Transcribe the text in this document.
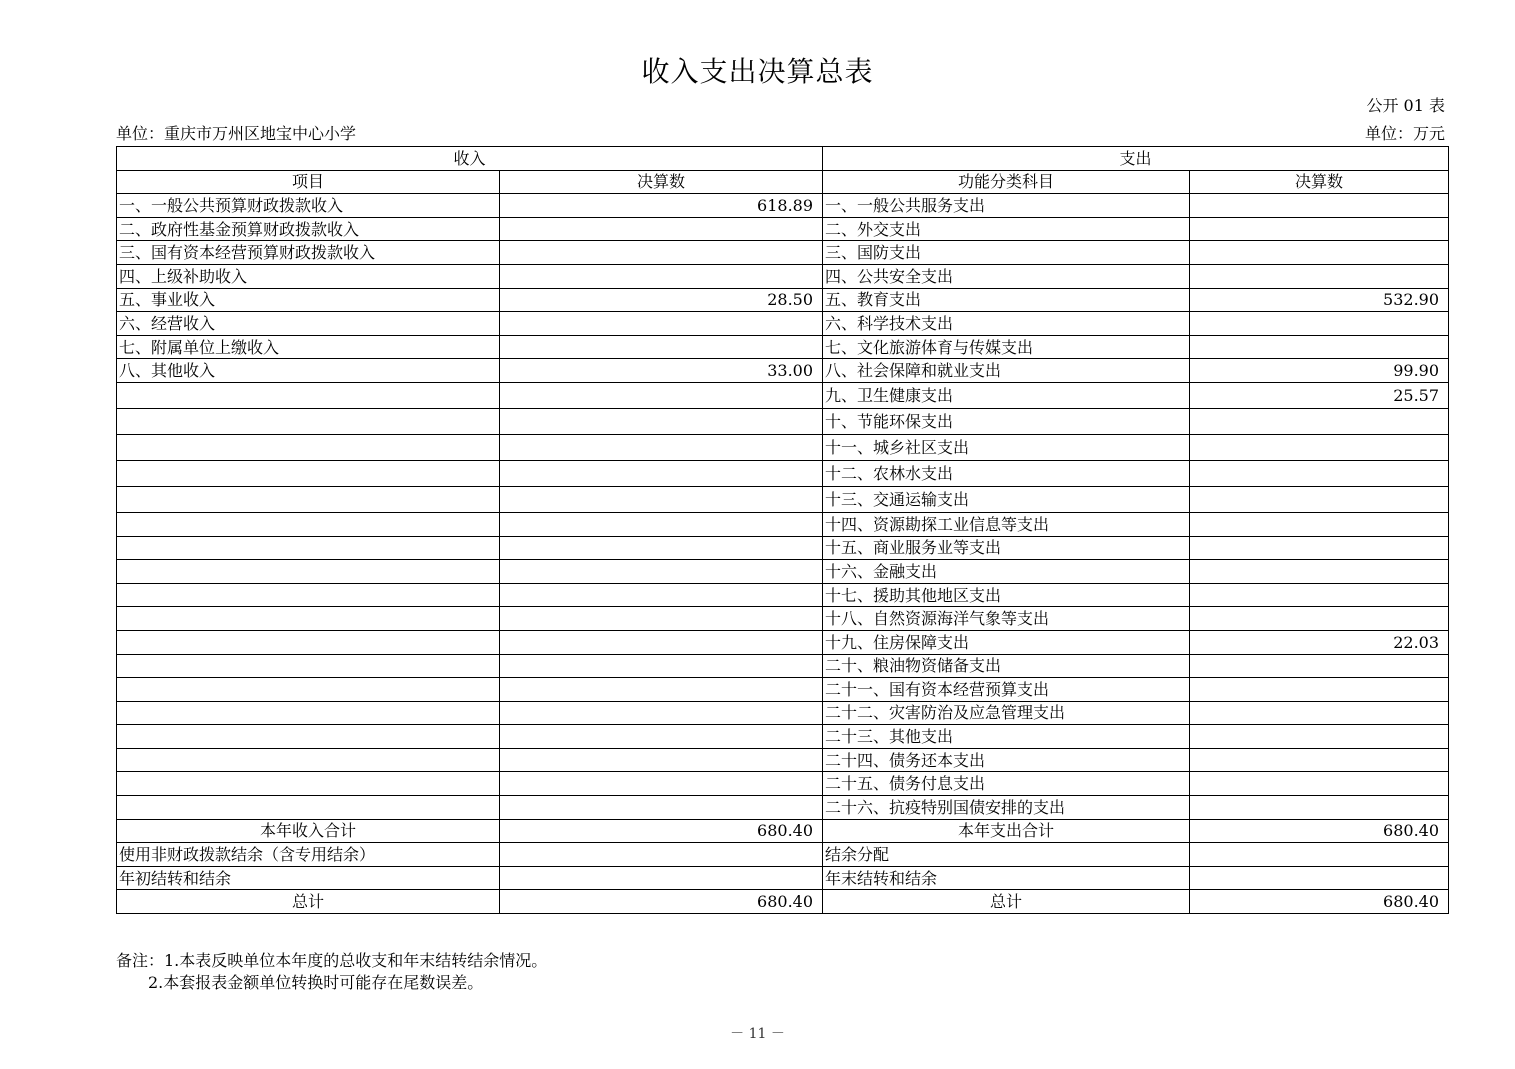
收入支出决算总表
公开 01 表
单位：重庆市万州区地宝中心小学	单位：万元
收入		支出	
项目	决算数	功能分类科目	决算数
一、一般公共预算财政拨款收入	618.89	一、一般公共服务支出	
二、政府性基金预算财政拨款收入		二、外交支出	
三、国有资本经营预算财政拨款收入		三、国防支出	
四、上级补助收入		四、公共安全支出	
五、事业收入	28.50	五、教育支出	532.90
六、经营收入		六、科学技术支出	
七、附属单位上缴收入		七、文化旅游体育与传媒支出	
八、其他收入	33.00	八、社会保障和就业支出	99.90
		九、卫生健康支出	25.57
		十、节能环保支出	
		十一、城乡社区支出	
		十二、农林水支出	
		十三、交通运输支出	
		十四、资源勘探工业信息等支出	
		十五、商业服务业等支出	
		十六、金融支出	
		十七、援助其他地区支出	
		十八、自然资源海洋气象等支出	
		十九、住房保障支出	22.03
		二十、粮油物资储备支出	
		二十一、国有资本经营预算支出	
		二十二、灾害防治及应急管理支出	
		二十三、其他支出	
		二十四、债务还本支出	
		二十五、债务付息支出	
		二十六、抗疫特别国债安排的支出	
本年收入合计	680.40	本年支出合计	680.40
使用非财政拨款结余（含专用结余）		结余分配	
年初结转和结余		年末结转和结余	
总计	680.40	总计	680.40
备注：1.本表反映单位本年度的总收支和年末结转结余情况。
2.本套报表金额单位转换时可能存在尾数误差。
－ 11 －
